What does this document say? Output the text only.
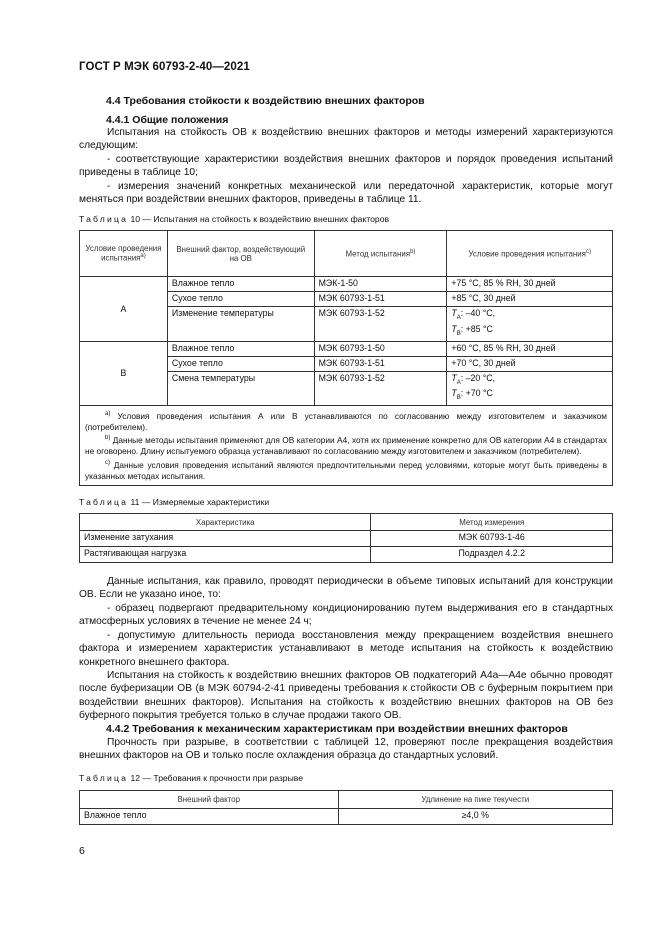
ГОСТ Р МЭК 60793-2-40—2021
4.4 Требования стойкости к воздействию внешних факторов
4.4.1 Общие положения
Испытания на стойкость ОВ к воздействию внешних факторов и методы измерений характеризуются следующим:
- соответствующие характеристики воздействия внешних факторов и порядок проведения испытаний приведены в таблице 10;
- измерения значений конкретных механической или передаточной характеристик, которые могут меняться при воздействии внешних факторов, приведены в таблице 11.
Таблица 10 — Испытания на стойкость к воздействию внешних факторов
Условие проведения испытания$^{a)}$	Внешний фактор, воздействующий на ОВ	Метод испытания$^{b)}$	Условие проведения испытания$^{c)}$
A	Влажное тепло	МЭК-1-50	+75 °С, 85 % RH, 30 дней
	Сухое тепло	МЭК 60793-1-51	+85 °С, 30 дней
	Изменение температуры	МЭК 60793-1-52	$T_A$: –40 °С,
$T_B$: +85 °С
B	Влажное тепло	МЭК 60793-1-50	+60 °С, 85 % RH, 30 дней
	Сухое тепло	МЭК 60793-1-51	+70 °С, 30 дней
	Смена температуры	МЭК 60793-1-52	$T_A$: –20 °С,
$T_B$: +70 °С

$^{a)}$ Условия проведения испытания А или В устанавливаются по согласованию между изготовителем и заказчиком (потребителем).

$^{b)}$ Данные методы испытания применяют для ОВ категории А4, хотя их применение конкретно для ОВ категории А4 в стандартах не оговорено. Длину испытуемого образца устанавливают по согласованию между изготовителем и заказчиком (потребителем).

$^{c)}$ Данные условия проведения испытаний являются предпочтительными перед условиями, которые могут быть приведены в указанных методах испытания.			

Таблица 11 — Измеряемые характеристики
Характеристика	Метод измерения
Изменение затухания	МЭК 60793-1-46
Растягивающая нагрузка	Подраздел 4.2.2
Данные испытания, как правило, проводят периодически в объеме типовых испытаний для конструкции ОВ. Если не указано иное, то:
- образец подвергают предварительному кондиционированию путем выдерживания его в стандартных атмосферных условиях в течение не менее 24 ч;
- допустимую длительность периода восстановления между прекращением воздействия внешнего фактора и измерением характеристик устанавливают в методе испытания на стойкость к воздействию конкретного внешнего фактора.
Испытания на стойкость к воздействию внешних факторов ОВ подкатегорий А4а—А4е обычно проводят после буферизации ОВ (в МЭК 60794-2-41 приведены требования к стойкости ОВ с буферным покрытием при воздействии внешних факторов). Испытания на стойкость к воздействию внешних факторов на ОВ без буферного покрытия требуется только в случае продажи такого ОВ.
4.4.2 Требования к механическим характеристикам при воздействии внешних факторов
Прочность при разрыве, в соответствии с таблицей 12, проверяют после прекращения воздействия внешних факторов на ОВ и только после охлаждения образца до стандартных условий.
Таблица 12 — Требования к прочности при разрыве
Внешний фактор	Удлинение на пике текучести
Влажное тепло	≥4,0 %
6
